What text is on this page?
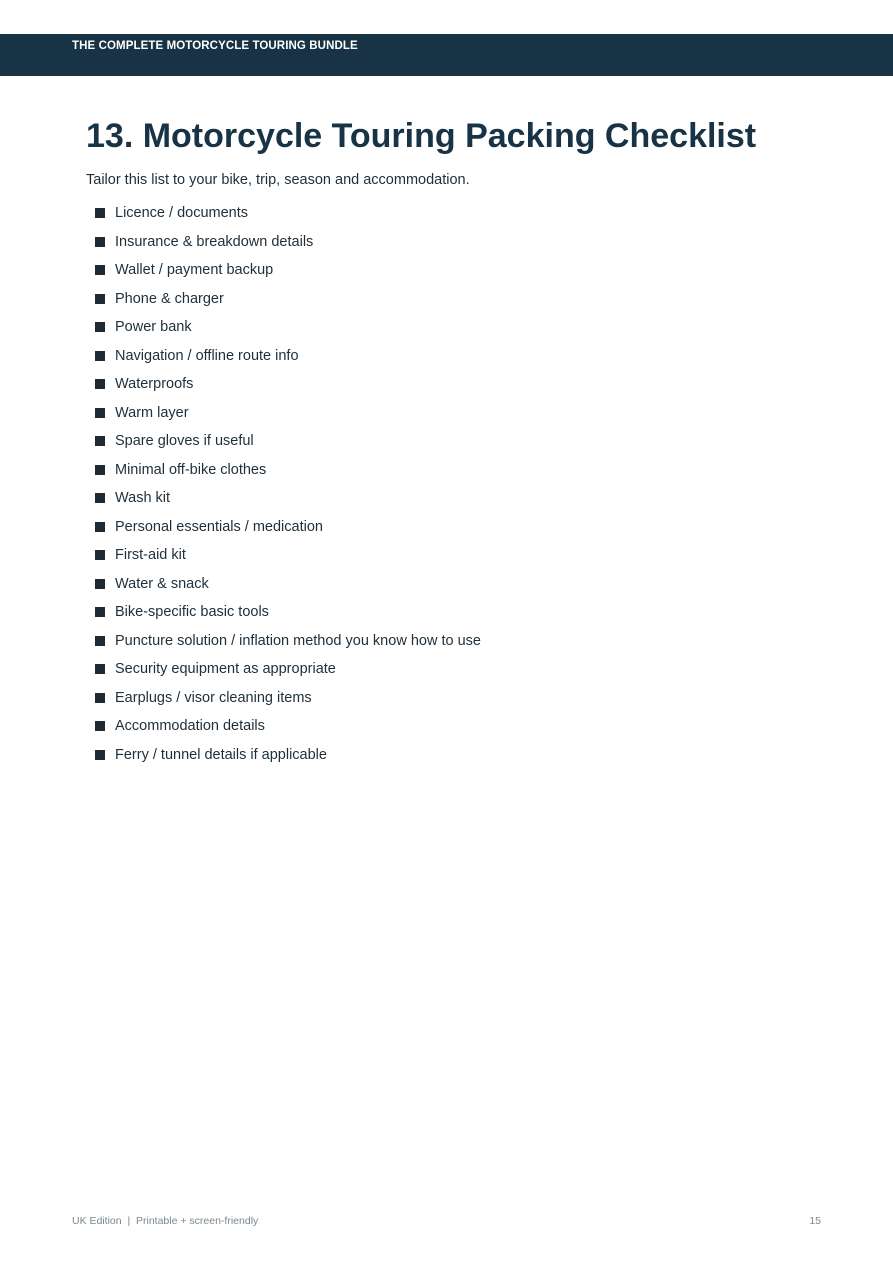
THE COMPLETE MOTORCYCLE TOURING BUNDLE
13. Motorcycle Touring Packing Checklist

Tailor this list to your bike, trip, season and accommodation.

Licence / documents
Insurance & breakdown details
Wallet / payment backup
Phone & charger
Power bank
Navigation / offline route info
Waterproofs
Warm layer
Spare gloves if useful
Minimal off-bike clothes
Wash kit
Personal essentials / medication
First-aid kit
Water & snack
Bike-specific basic tools
Puncture solution / inflation method you know how to use
Security equipment as appropriate
Earplugs / visor cleaning items
Accommodation details
Ferry / tunnel details if applicable
UK Edition  |  Printable + screen-friendly	15
